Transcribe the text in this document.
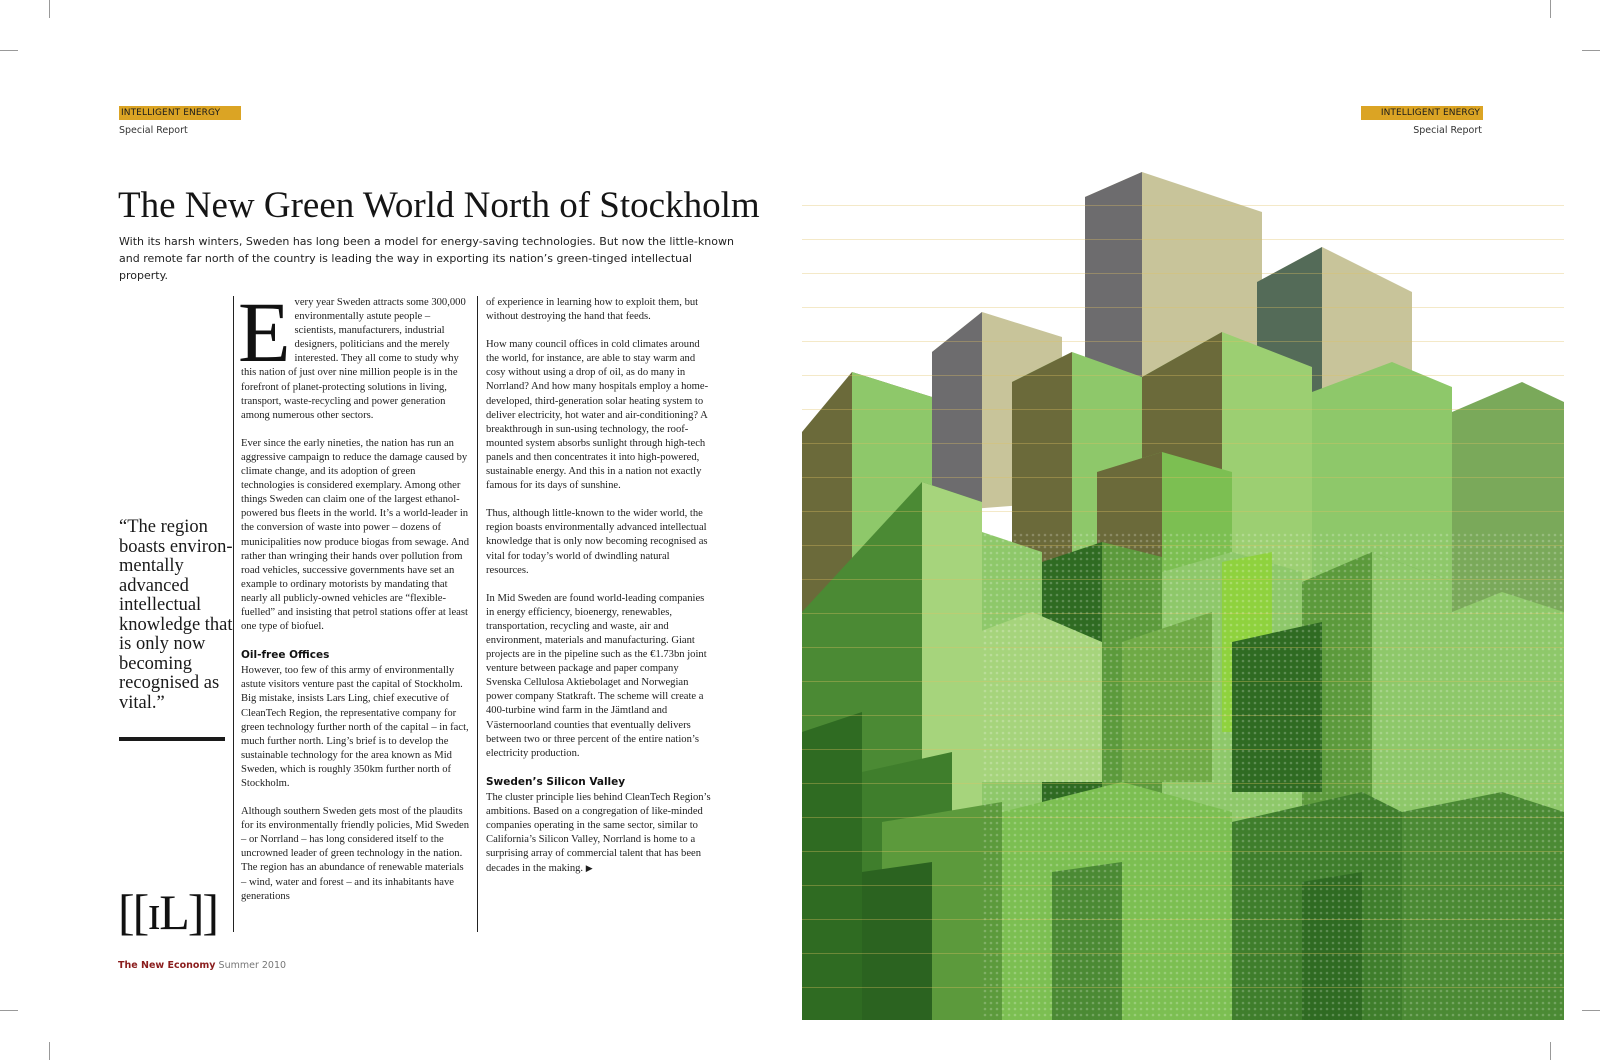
INTELLIGENT ENERGY
Special Report
INTELLIGENT ENERGY
Special Report
The New Green World North of Stockholm

With its harsh winters, Sweden has long been a model for energy-saving technologies. But now the little-known and remote far north of the country is leading the way in exporting its nation’s green-tinged intellectual property.

Every year Sweden attracts some 300,000 environmentally astute people – scientists, manufacturers, industrial designers, politicians and the merely interested. They all come to study why this nation of just over nine million people is in the forefront of planet-protecting solutions in living, transport, waste-recycling and power generation among numerous other sectors.

Ever since the early nineties, the nation has run an aggressive campaign to reduce the damage caused by climate change, and its adoption of green technologies is considered exemplary. Among other things Sweden can claim one of the largest ethanol-powered bus fleets in the world. It’s a world-leader in the conversion of waste into power – dozens of municipalities now produce biogas from sewage. And rather than wringing their hands over pollution from road vehicles, successive governments have set an example to ordinary motorists by mandating that nearly all publicly-owned vehicles are “flexible-fuelled” and insisting that petrol stations offer at least one type of biofuel.

Oil-free Offices

However, too few of this army of environmentally astute visitors venture past the capital of Stockholm. Big mistake, insists Lars Ling, chief executive of CleanTech Region, the representative company for green technology further north of the capital – in fact, much further north. Ling’s brief is to develop the sustainable technology for the area known as Mid Sweden, which is roughly 350km further north of Stockholm.

Although southern Sweden gets most of the plaudits for its environmentally friendly policies, Mid Sweden – or Norrland – has long considered itself to the uncrowned leader of green technology in the nation. The region has an abundance of renewable materials – wind, water and forest – and its inhabitants have generations

of experience in learning how to exploit them, but without destroying the hand that feeds.

How many council offices in cold climates around the world, for instance, are able to stay warm and cosy without using a drop of oil, as do many in Norrland? And how many hospitals employ a home-developed, third-generation solar heating system to deliver electricity, hot water and air-conditioning? A breakthrough in sun-using technology, the roof-mounted system absorbs sunlight through high-tech panels and then concentrates it into high-powered, sustainable energy. And this in a nation not exactly famous for its days of sunshine.

Thus, although little-known to the wider world, the region boasts environmentally advanced intellectual knowledge that is only now becoming recognised as vital for today’s world of dwindling natural resources.

In Mid Sweden are found world-leading companies in energy efficiency, bioenergy, renewables, transportation, recycling and waste, air and environment, materials and manufacturing. Giant projects are in the pipeline such as the €1.73bn joint venture between package and paper company Svenska Cellulosa Aktiebolaget and Norwegian power company Statkraft. The scheme will create a 400-turbine wind farm in the Jämtland and Västernoorland counties that eventually delivers between two or three percent of the entire nation’s electricity production.

Sweden’s Silicon Valley

The cluster principle lies behind CleanTech Region’s ambitions. Based on a congregation of like-minded companies operating in the same sector, similar to California’s Silicon Valley, Norrland is home to a surprising array of commercial talent that has been decades in the making. ▶

“The region boasts environ-mentally advanced intellectual knowledge that is only now becoming recognised as vital.”

[[ɪL]]
The New Economy Summer 2010
